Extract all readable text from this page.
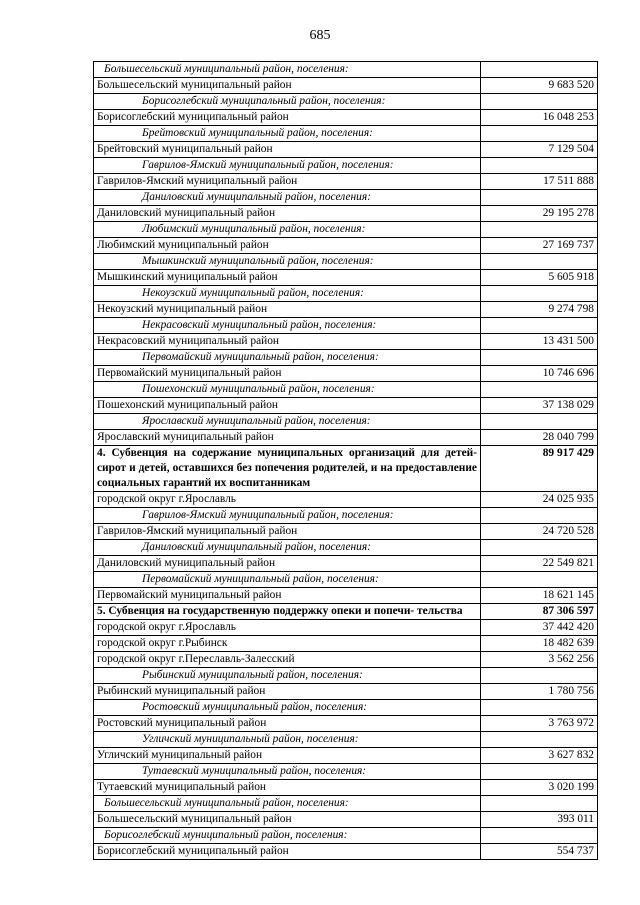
685
Большесельский муниципальный район, поселения:	
Большесельский муниципальный район	9 683 520
Борисоглебский муниципальный район, поселения:	
Борисоглебский муниципальный район	16 048 253
Брейтовский муниципальный район, поселения:	
Брейтовский муниципальный район	7 129 504
Гаврилов-Ямский муниципальный район, поселения:	
Гаврилов-Ямский муниципальный район	17 511 888
Даниловский муниципальный район, поселения:	
Даниловский муниципальный район	29 195 278
Любимский муниципальный район, поселения:	
Любимский муниципальный район	27 169 737
Мышкинский муниципальный район, поселения:	
Мышкинский муниципальный район	5 605 918
Некоузский муниципальный район, поселения:	
Некоузский муниципальный район	9 274 798
Некрасовский муниципальный район, поселения:	
Некрасовский муниципальный район	13 431 500
Первомайский муниципальный район, поселения:	
Первомайский муниципальный район	10 746 696
Пошехонский муниципальный район, поселения:	
Пошехонский муниципальный район	37 138 029
Ярославский муниципальный район, поселения:	
Ярославский муниципальный район	28 040 799
4. Субвенция на содержание муниципальных организаций для детей-сирот и детей, оставшихся без попечения родителей, и на предоставление социальных гарантий их воспитанникам	89 917 429
городской округ г.Ярославль	24 025 935
Гаврилов-Ямский муниципальный район, поселения:	
Гаврилов-Ямский муниципальный район	24 720 528
Даниловский муниципальный район, поселения:	
Даниловский муниципальный район	22 549 821
Первомайский муниципальный район, поселения:	
Первомайский муниципальный район	18 621 145
5. Субвенция на государственную поддержку опеки и попечи- тельства	87 306 597
городской округ г.Ярославль	37 442 420
городской округ г.Рыбинск	18 482 639
городской округ г.Переславль-Залесский	3 562 256
Рыбинский муниципальный район, поселения:	
Рыбинский муниципальный район	1 780 756
Ростовский муниципальный район, поселения:	
Ростовский муниципальный район	3 763 972
Угличский муниципальный район, поселения:	
Угличский муниципальный район	3 627 832
Тутаевский муниципальный район, поселения:	
Тутаевский муниципальный район	3 020 199
Большесельский муниципальный район, поселения:	
Большесельский муниципальный район	393 011
Борисоглебский муниципальный район, поселения:	
Борисоглебский муниципальный район	554 737
